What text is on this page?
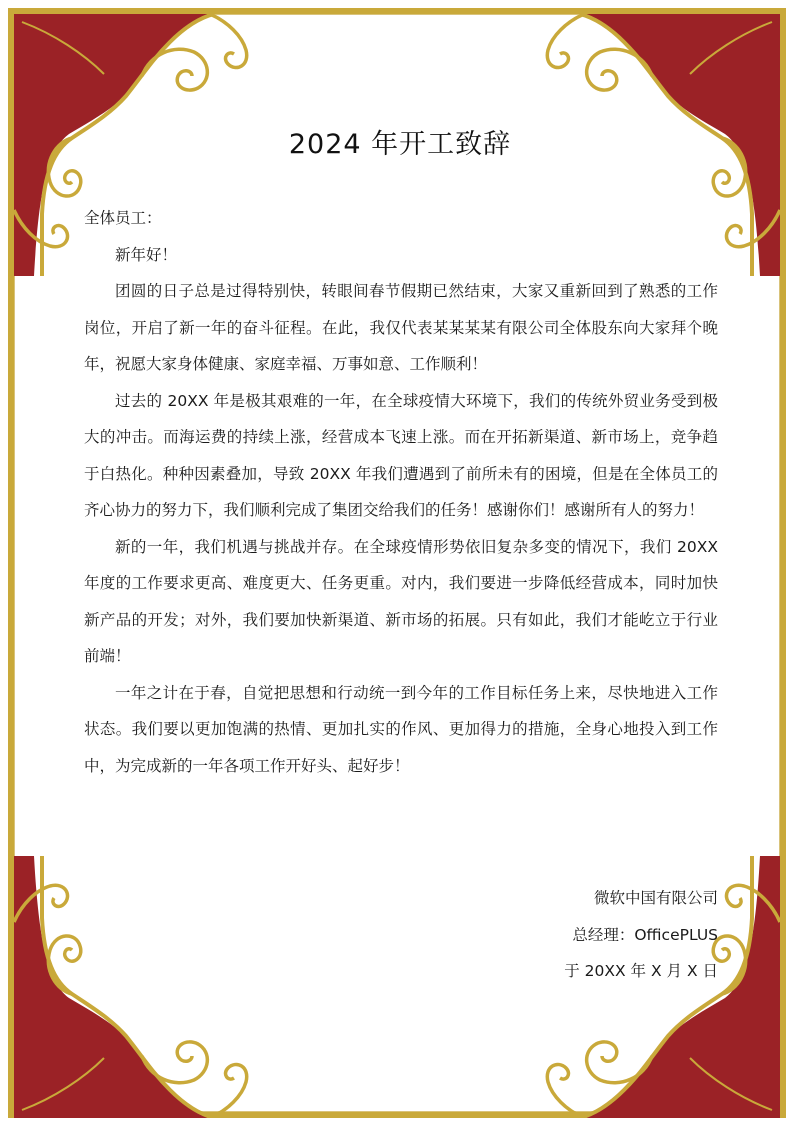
2024 年开工致辞

全体员工：

新年好！

团圆的日子总是过得特别快，转眼间春节假期已然结束，大家又重新回到了熟悉的工作岗位，开启了新一年的奋斗征程。在此，我仅代表某某某某有限公司全体股东向大家拜个晚年，祝愿大家身体健康、家庭幸福、万事如意、工作顺利！

过去的 20XX 年是极其艰难的一年，在全球疫情大环境下，我们的传统外贸业务受到极大的冲击。而海运费的持续上涨，经营成本飞速上涨。而在开拓新渠道、新市场上，竞争趋于白热化。种种因素叠加，导致 20XX 年我们遭遇到了前所未有的困境，但是在全体员工的齐心协力的努力下，我们顺利完成了集团交给我们的任务！感谢你们！感谢所有人的努力！

新的一年，我们机遇与挑战并存。在全球疫情形势依旧复杂多变的情况下，我们 20XX 年度的工作要求更高、难度更大、任务更重。对内，我们要进一步降低经营成本，同时加快新产品的开发；对外，我们要加快新渠道、新市场的拓展。只有如此，我们才能屹立于行业前端！

一年之计在于春，自觉把思想和行动统一到今年的工作目标任务上来，尽快地进入工作状态。我们要以更加饱满的热情、更加扎实的作风、更加得力的措施，全身心地投入到工作中，为完成新的一年各项工作开好头、起好步！

微软中国有限公司
总经理：OfficePLUS
于 20XX 年 X 月 X 日
